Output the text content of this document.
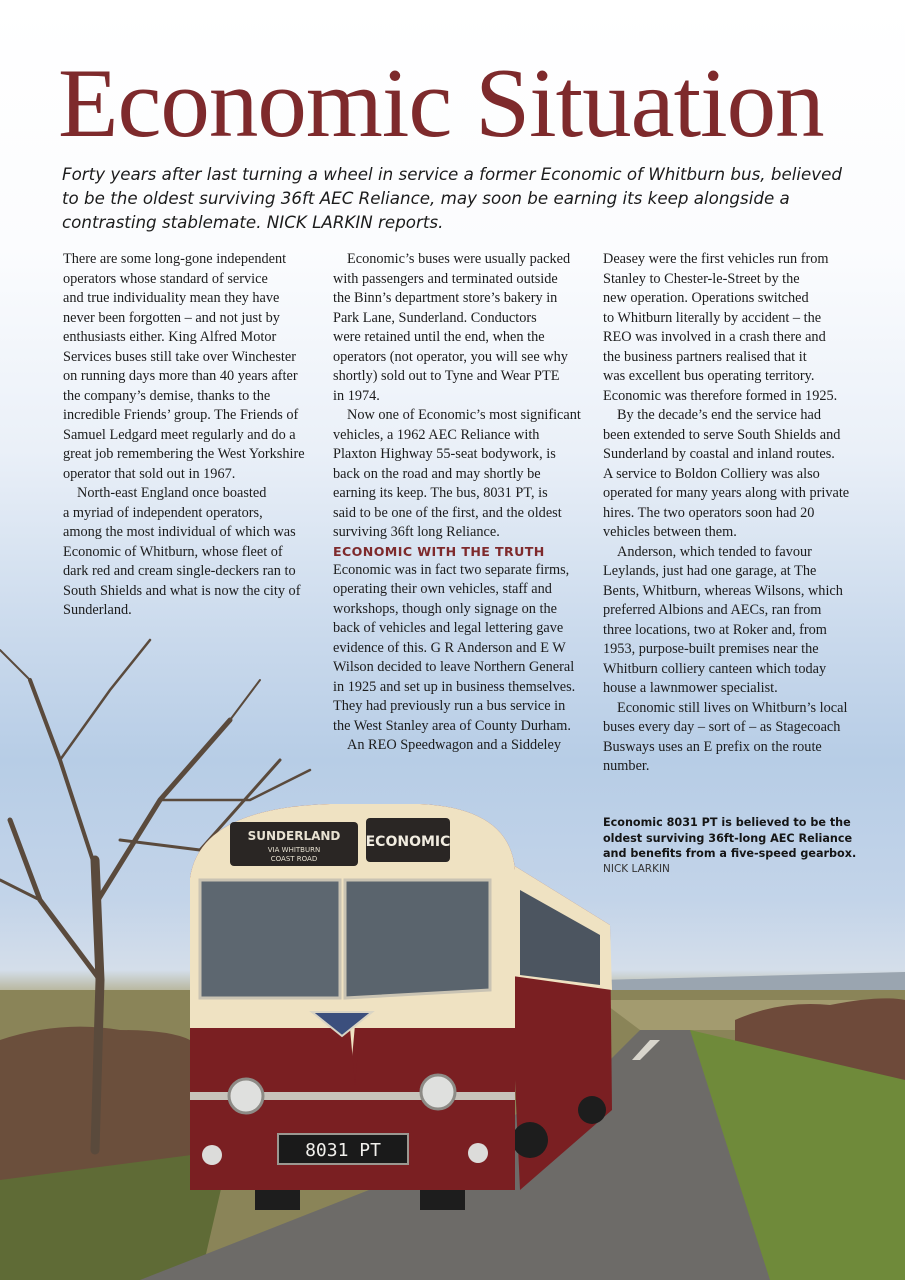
SUNDERLAND
VIA WHITBURN
COAST ROAD
ECONOMIC
8031 PT
Economic Situation

Forty years after last turning a wheel in service a former Economic of Whitburn bus, believed to be the oldest surviving 36ft AEC Reliance, may soon be earning its keep alongside a contrasting stablemate. NICK LARKIN reports.

There are some long-gone independent
operators whose standard of service
and true individuality mean they have
never been forgotten – and not just by
enthusiasts either. King Alfred Motor
Services buses still take over Winchester
on running days more than 40 years after
the company’s demise, thanks to the
incredible Friends’ group. The Friends of
Samuel Ledgard meet regularly and do a
great job remembering the West Yorkshire
operator that sold out in 1967.

North-east England once boasted
a myriad of independent operators,
among the most individual of which was
Economic of Whitburn, whose fleet of
dark red and cream single-deckers ran to
South Shields and what is now the city of
Sunderland.

Economic’s buses were usually packed
with passengers and terminated outside
the Binn’s department store’s bakery in
Park Lane, Sunderland. Conductors
were retained until the end, when the
operators (not operator, you will see why
shortly) sold out to Tyne and Wear PTE
in 1974.

Now one of Economic’s most significant
vehicles, a 1962 AEC Reliance with
Plaxton Highway 55-seat bodywork, is
back on the road and may shortly be
earning its keep. The bus, 8031 PT, is
said to be one of the first, and the oldest
surviving 36ft long Reliance.

ECONOMIC WITH THE TRUTH

Economic was in fact two separate firms,
operating their own vehicles, staff and
workshops, though only signage on the
back of vehicles and legal lettering gave
evidence of this. G R Anderson and E W
Wilson decided to leave Northern General
in 1925 and set up in business themselves.
They had previously run a bus service in
the West Stanley area of County Durham.

An REO Speedwagon and a Siddeley

Deasey were the first vehicles run from
Stanley to Chester-le-Street by the
new operation. Operations switched
to Whitburn literally by accident – the
REO was involved in a crash there and
the business partners realised that it
was excellent bus operating territory.
Economic was therefore formed in 1925.

By the decade’s end the service had
been extended to serve South Shields and
Sunderland by coastal and inland routes.
A service to Boldon Colliery was also
operated for many years along with private
hires. The two operators soon had 20
vehicles between them.

Anderson, which tended to favour
Leylands, just had one garage, at The
Bents, Whitburn, whereas Wilsons, which
preferred Albions and AECs, ran from
three locations, two at Roker and, from
1953, purpose-built premises near the
Whitburn colliery canteen which today
house a lawnmower specialist.

Economic still lives on Whitburn’s local
buses every day – sort of – as Stagecoach
Busways uses an E prefix on the route
number.

Economic 8031 PT is believed to be the
oldest surviving 36ft-long AEC Reliance
and benefits from a five-speed gearbox.
NICK LARKIN
